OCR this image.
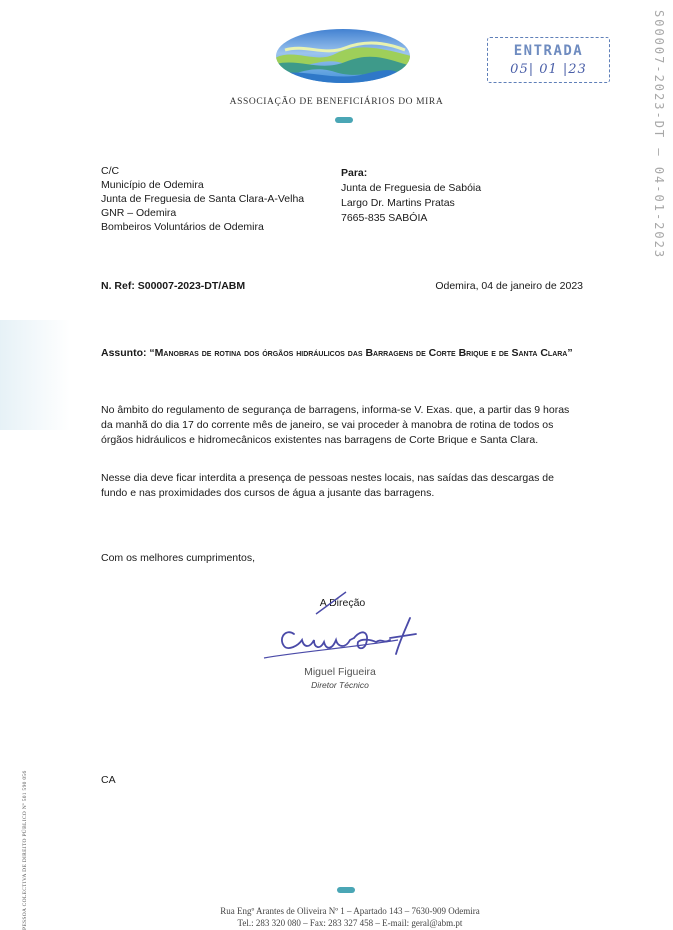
ASSOCIAÇÃO DE BENEFICIÁRIOS DO MIRA
ENTRADA
05| 01 |23	S00007-2023-DT — 04-01-2023
C/C
Município de Odemira
Junta de Freguesia de Santa Clara-A-Velha
GNR – Odemira
Bombeiros Voluntários de Odemira
Para:
Junta de Freguesia de Sabóia
Largo Dr. Martins Pratas
7665-835 SABÓIA
N. Ref: S00007-2023-DT/ABM	Odemira, 04 de janeiro de 2023
Assunto: “Manobras de rotina dos órgãos hidráulicos das Barragens de Corte Brique e de Santa Clara”

No âmbito do regulamento de segurança de barragens, informa-se V. Exas. que, a partir das 9 horas da manhã do dia 17 do corrente mês de janeiro, se vai proceder à manobra de rotina de todos os órgãos hidráulicos e hidromecânicos existentes nas barragens de Corte Brique e Santa Clara.

Nesse dia deve ficar interdita a presença de pessoas nestes locais, nas saídas das descargas de fundo e nas proximidades dos cursos de água a jusante das barragens.

Com os melhores cumprimentos,
A Direção
Miguel Figueira
Diretor Técnico
CA
PESSOA COLECTIVA DE DIREITO PÚBLICO Nº 501 590 056	Rua Engº Arantes de Oliveira Nº 1 – Apartado 143 – 7630-909 Odemira
Tel.: 283 320 080 – Fax: 283 327 458 – E-mail: geral@abm.pt
